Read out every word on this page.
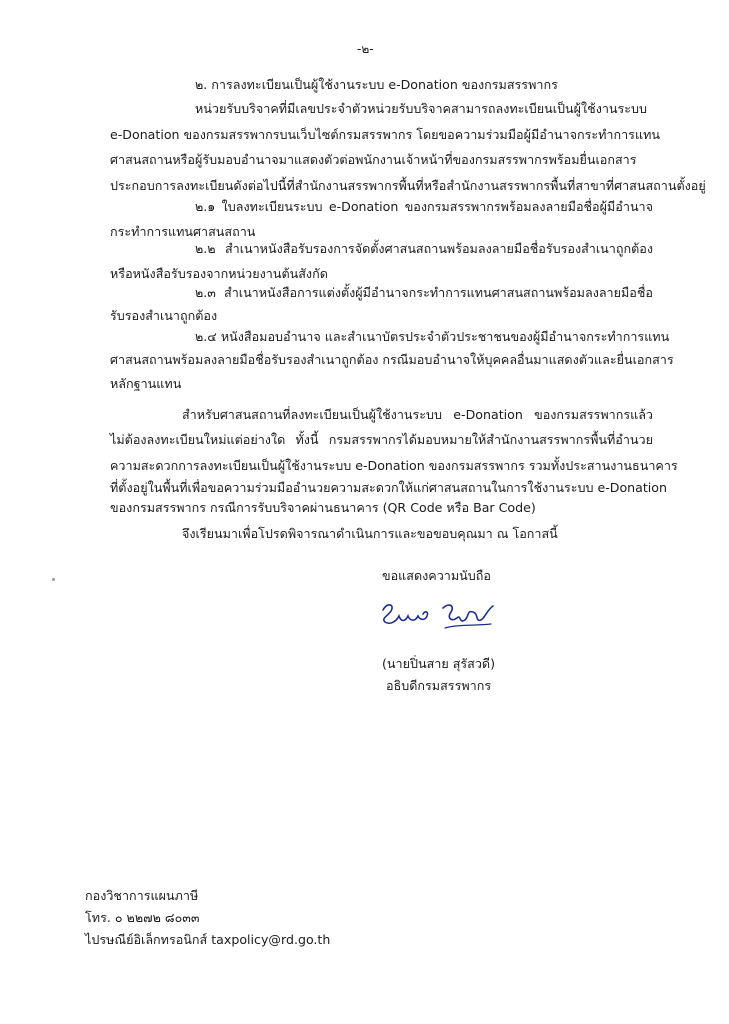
-๒-
๒. การลงทะเบียนเป็นผู้ใช้งานระบบ e-Donation ของกรมสรรพากร
หน่วยรับบริจาคที่มีเลขประจำตัวหน่วยรับบริจาคสามารถลงทะเบียนเป็นผู้ใช้งานระบบ
e-Donation ของกรมสรรพากรบนเว็บไซต์กรมสรรพากร โดยขอความร่วมมือผู้มีอำนาจกระทำการแทน
ศาสนสถานหรือผู้รับมอบอำนาจมาแสดงตัวต่อพนักงานเจ้าหน้าที่ของกรมสรรพากรพร้อมยื่นเอกสาร
ประกอบการลงทะเบียนดังต่อไปนี้ที่สำนักงานสรรพากรพื้นที่หรือสำนักงานสรรพากรพื้นที่สาขาที่ศาสนสถานตั้งอยู่
๒.๑ ใบลงทะเบียนระบบ e-Donation ของกรมสรรพากรพร้อมลงลายมือชื่อผู้มีอำนาจ
กระทำการแทนศาสนสถาน
๒.๒ สำเนาหนังสือรับรองการจัดตั้งศาสนสถานพร้อมลงลายมือชื่อรับรองสำเนาถูกต้อง
หรือหนังสือรับรองจากหน่วยงานต้นสังกัด
๒.๓ สำเนาหนังสือการแต่งตั้งผู้มีอำนาจกระทำการแทนศาสนสถานพร้อมลงลายมือชื่อ
รับรองสำเนาถูกต้อง
๒.๔ หนังสือมอบอำนาจ และสำเนาบัตรประจำตัวประชาชนของผู้มีอำนาจกระทำการแทน
ศาสนสถานพร้อมลงลายมือชื่อรับรองสำเนาถูกต้อง กรณีมอบอำนาจให้บุคคลอื่นมาแสดงตัวและยื่นเอกสาร
หลักฐานแทน
สำหรับศาสนสถานที่ลงทะเบียนเป็นผู้ใช้งานระบบ e-Donation ของกรมสรรพากรแล้ว
ไม่ต้องลงทะเบียนใหม่แต่อย่างใด ทั้งนี้ กรมสรรพากรได้มอบหมายให้สำนักงานสรรพากรพื้นที่อำนวย
ความสะดวกการลงทะเบียนเป็นผู้ใช้งานระบบ e-Donation ของกรมสรรพากร รวมทั้งประสานงานธนาคาร
ที่ตั้งอยู่ในพื้นที่เพื่อขอความร่วมมืออำนวยความสะดวกให้แก่ศาสนสถานในการใช้งานระบบ e-Donation
ของกรมสรรพากร กรณีการรับบริจาคผ่านธนาคาร (QR Code หรือ Bar Code)
จึงเรียนมาเพื่อโปรดพิจารณาดำเนินการและขอขอบคุณมา ณ โอกาสนี้
ขอแสดงความนับถือ
(นายปิ่นสาย สุรัสวดี)
อธิบดีกรมสรรพากร
กองวิชาการแผนภาษี
โทร. ๐ ๒๒๗๒ ๘๐๓๓
ไปรษณีย์อิเล็กทรอนิกส์ taxpolicy@rd.go.th
